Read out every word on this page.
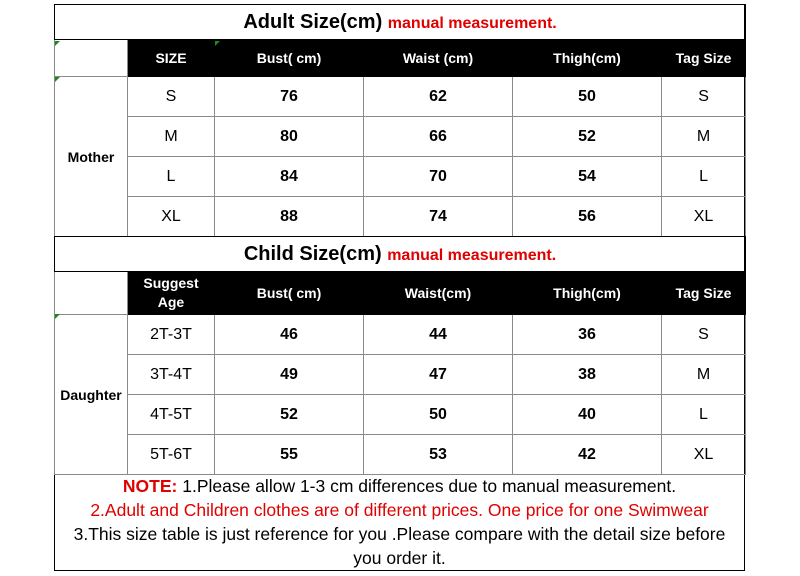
Adult Size(cm) manual measurement.					
	SIZE	Bust( cm)	Waist (cm)	Thigh(cm)	Tag Size
Mother	S	76	62	50	S
	M	80	66	52	M
	L	84	70	54	L
	XL	88	74	56	XL
Child Size(cm) manual measurement.					
	Suggest Age	Bust( cm)	Waist(cm)	Thigh(cm)	Tag Size
Daughter	2T-3T	46	44	36	S
	3T-4T	49	47	38	M
	4T-5T	52	50	40	L
	5T-6T	55	53	42	XL
NOTE: 1.Please allow 1-3 cm differences due to manual measurement.
2.Adult and Children clothes are of different prices. One price for one Swimwear
3.This size table is just reference for you .Please compare with the detail size before you order it.
